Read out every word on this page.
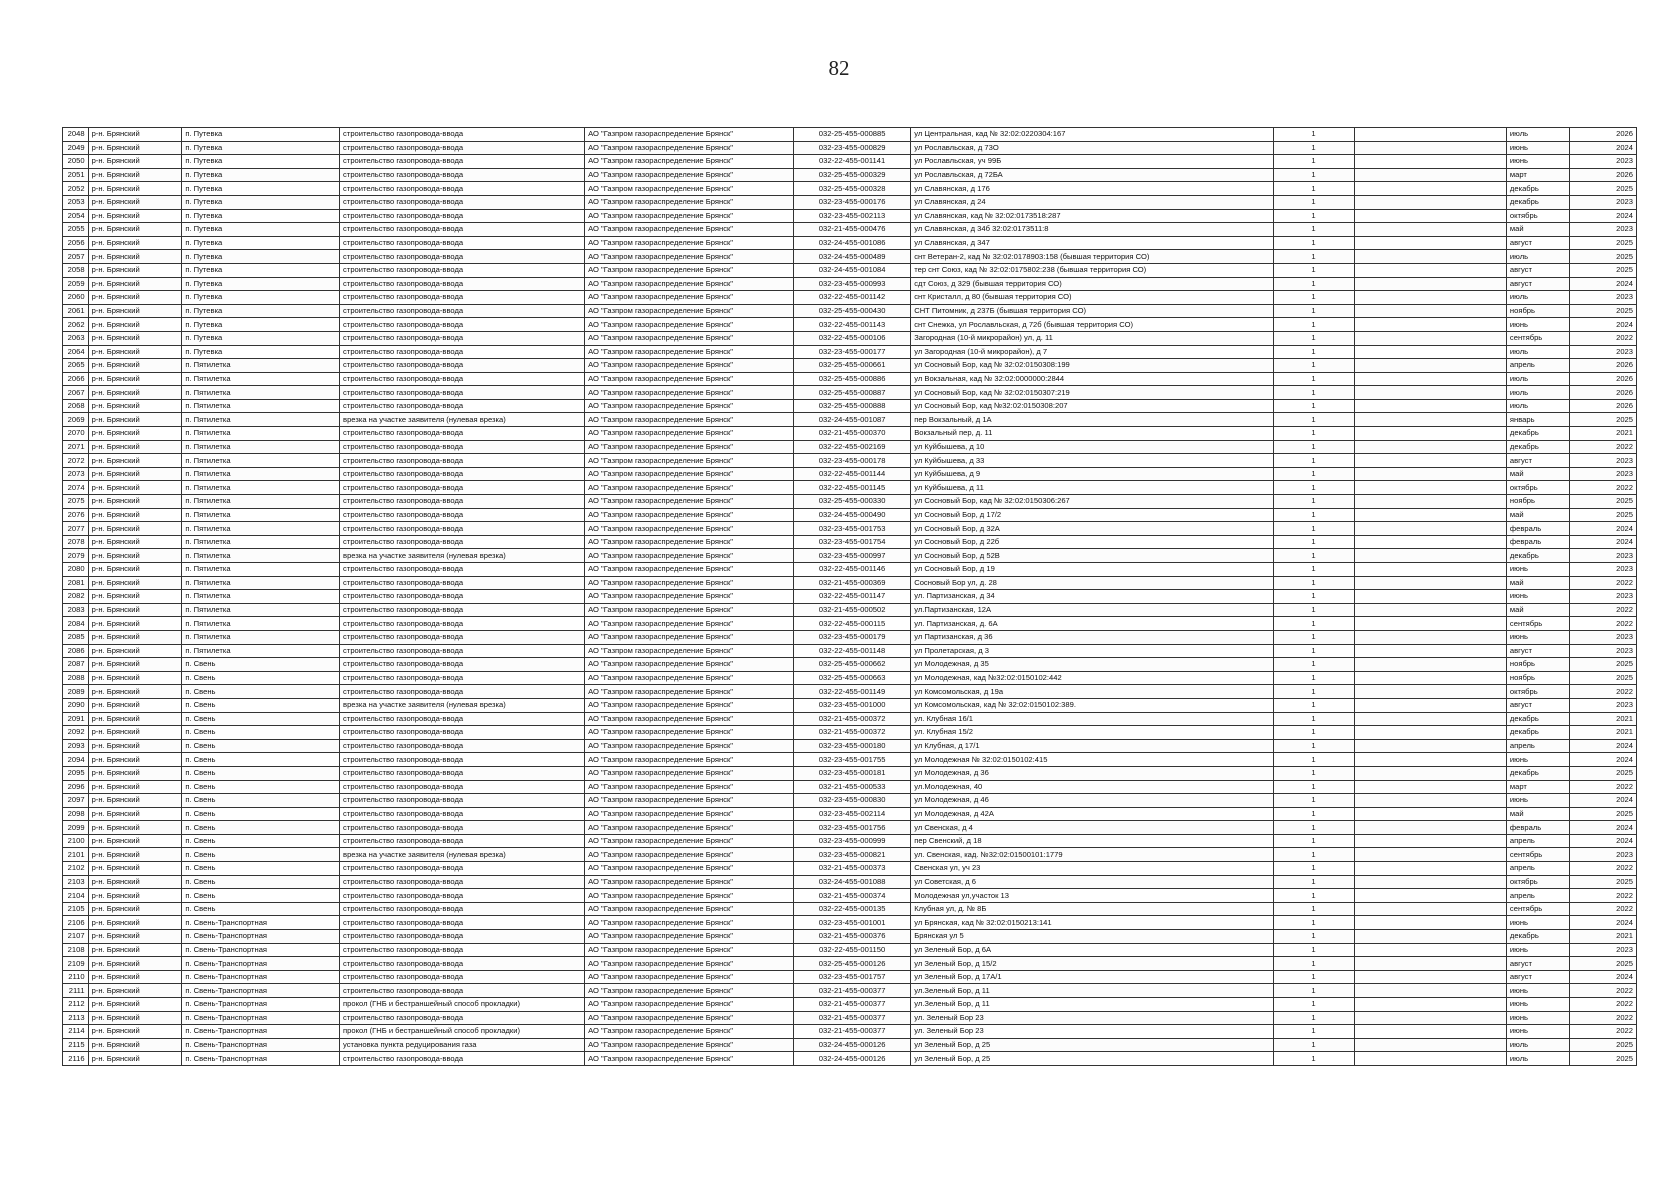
82
2048	р-н. Брянский	п. Путевка	строительство газопровода-ввода	АО "Газпром газораспределение Брянск"	032-25-455-000885	ул Центральная, кад № 32:02:0220304:167	1		июль	2026
2049	р-н. Брянский	п. Путевка	строительство газопровода-ввода	АО "Газпром газораспределение Брянск"	032-23-455-000829	ул Рославльская, д 73О	1		июнь	2024
2050	р-н. Брянский	п. Путевка	строительство газопровода-ввода	АО "Газпром газораспределение Брянск"	032-22-455-001141	ул Рославльская, уч 99Б	1		июнь	2023
2051	р-н. Брянский	п. Путевка	строительство газопровода-ввода	АО "Газпром газораспределение Брянск"	032-25-455-000329	ул Рославльская, д 72БА	1		март	2026
2052	р-н. Брянский	п. Путевка	строительство газопровода-ввода	АО "Газпром газораспределение Брянск"	032-25-455-000328	ул Славянская, д 176	1		декабрь	2025
2053	р-н. Брянский	п. Путевка	строительство газопровода-ввода	АО "Газпром газораспределение Брянск"	032-23-455-000176	ул Славянская, д 24	1		декабрь	2023
2054	р-н. Брянский	п. Путевка	строительство газопровода-ввода	АО "Газпром газораспределение Брянск"	032-23-455-002113	ул Славянская, кад № 32:02:0173518:287	1		октябрь	2024
2055	р-н. Брянский	п. Путевка	строительство газопровода-ввода	АО "Газпром газораспределение Брянск"	032-21-455-000476	ул Славянская, д 34б 32:02:0173511:8	1		май	2023
2056	р-н. Брянский	п. Путевка	строительство газопровода-ввода	АО "Газпром газораспределение Брянск"	032-24-455-001086	ул Славянская, д 347	1		август	2025
2057	р-н. Брянский	п. Путевка	строительство газопровода-ввода	АО "Газпром газораспределение Брянск"	032-24-455-000489	снт Ветеран-2, кад № 32:02:0178903:158 (бывшая территория СО)	1		июль	2025
2058	р-н. Брянский	п. Путевка	строительство газопровода-ввода	АО "Газпром газораспределение Брянск"	032-24-455-001084	тер снт Союз, кад № 32:02:0175802:238 (бывшая территория СО)	1		август	2025
2059	р-н. Брянский	п. Путевка	строительство газопровода-ввода	АО "Газпром газораспределение Брянск"	032-23-455-000993	сдт Союз, д 329 (бывшая территория СО)	1		август	2024
2060	р-н. Брянский	п. Путевка	строительство газопровода-ввода	АО "Газпром газораспределение Брянск"	032-22-455-001142	снт Кристалл, д 80 (бывшая территория СО)	1		июль	2023
2061	р-н. Брянский	п. Путевка	строительство газопровода-ввода	АО "Газпром газораспределение Брянск"	032-25-455-000430	СНТ Питомник, д 237Б (бывшая территория СО)	1		ноябрь	2025
2062	р-н. Брянский	п. Путевка	строительство газопровода-ввода	АО "Газпром газораспределение Брянск"	032-22-455-001143	снт Снежка, ул Рославльская, д 72б (бывшая территория СО)	1		июнь	2024
2063	р-н. Брянский	п. Путевка	строительство газопровода-ввода	АО "Газпром газораспределение Брянск"	032-22-455-000106	Загородная (10-й микрорайон) ул, д. 11	1		сентябрь	2022
2064	р-н. Брянский	п. Путевка	строительство газопровода-ввода	АО "Газпром газораспределение Брянск"	032-23-455-000177	ул Загородная (10-й микрорайон), д 7	1		июль	2023
2065	р-н. Брянский	п. Пятилетка	строительство газопровода-ввода	АО "Газпром газораспределение Брянск"	032-25-455-000661	ул Сосновый Бор, кад № 32:02:0150308:199	1		апрель	2026
2066	р-н. Брянский	п. Пятилетка	строительство газопровода-ввода	АО "Газпром газораспределение Брянск"	032-25-455-000886	ул Вокзальная, кад № 32:02:0000000:2844	1		июль	2026
2067	р-н. Брянский	п. Пятилетка	строительство газопровода-ввода	АО "Газпром газораспределение Брянск"	032-25-455-000887	ул Сосновый Бор, кад № 32:02:0150307:219	1		июль	2026
2068	р-н. Брянский	п. Пятилетка	строительство газопровода-ввода	АО "Газпром газораспределение Брянск"	032-25-455-000888	ул Сосновый Бор, кад №32:02:0150308:207	1		июль	2026
2069	р-н. Брянский	п. Пятилетка	врезка на участке заявителя (нулевая врезка)	АО "Газпром газораспределение Брянск"	032-24-455-001087	пер Вокзальный, д 1А	1		январь	2025
2070	р-н. Брянский	п. Пятилетка	строительство газопровода-ввода	АО "Газпром газораспределение Брянск"	032-21-455-000370	Вокзальный пер, д. 11	1		декабрь	2021
2071	р-н. Брянский	п. Пятилетка	строительство газопровода-ввода	АО "Газпром газораспределение Брянск"	032-22-455-002169	ул Куйбышева, д 10	1		декабрь	2022
2072	р-н. Брянский	п. Пятилетка	строительство газопровода-ввода	АО "Газпром газораспределение Брянск"	032-23-455-000178	ул Куйбышева, д 33	1		август	2023
2073	р-н. Брянский	п. Пятилетка	строительство газопровода-ввода	АО "Газпром газораспределение Брянск"	032-22-455-001144	ул Куйбышева, д 9	1		май	2023
2074	р-н. Брянский	п. Пятилетка	строительство газопровода-ввода	АО "Газпром газораспределение Брянск"	032-22-455-001145	ул Куйбышева, д 11	1		октябрь	2022
2075	р-н. Брянский	п. Пятилетка	строительство газопровода-ввода	АО "Газпром газораспределение Брянск"	032-25-455-000330	ул Сосновый Бор, кад № 32:02:0150306:267	1		ноябрь	2025
2076	р-н. Брянский	п. Пятилетка	строительство газопровода-ввода	АО "Газпром газораспределение Брянск"	032-24-455-000490	ул Сосновый Бор, д 17/2	1		май	2025
2077	р-н. Брянский	п. Пятилетка	строительство газопровода-ввода	АО "Газпром газораспределение Брянск"	032-23-455-001753	ул Сосновый Бор, д 32А	1		февраль	2024
2078	р-н. Брянский	п. Пятилетка	строительство газопровода-ввода	АО "Газпром газораспределение Брянск"	032-23-455-001754	ул Сосновый Бор, д 22б	1		февраль	2024
2079	р-н. Брянский	п. Пятилетка	врезка на участке заявителя (нулевая врезка)	АО "Газпром газораспределение Брянск"	032-23-455-000997	ул Сосновый Бор, д 52В	1		декабрь	2023
2080	р-н. Брянский	п. Пятилетка	строительство газопровода-ввода	АО "Газпром газораспределение Брянск"	032-22-455-001146	ул Сосновый Бор, д 19	1		июнь	2023
2081	р-н. Брянский	п. Пятилетка	строительство газопровода-ввода	АО "Газпром газораспределение Брянск"	032-21-455-000369	Сосновый Бор ул, д. 28	1		май	2022
2082	р-н. Брянский	п. Пятилетка	строительство газопровода-ввода	АО "Газпром газораспределение Брянск"	032-22-455-001147	ул. Партизанская, д 34	1		июнь	2023
2083	р-н. Брянский	п. Пятилетка	строительство газопровода-ввода	АО "Газпром газораспределение Брянск"	032-21-455-000502	ул.Партизанская, 12А	1		май	2022
2084	р-н. Брянский	п. Пятилетка	строительство газопровода-ввода	АО "Газпром газораспределение Брянск"	032-22-455-000115	ул. Партизанская, д. 6А	1		сентябрь	2022
2085	р-н. Брянский	п. Пятилетка	строительство газопровода-ввода	АО "Газпром газораспределение Брянск"	032-23-455-000179	ул Партизанская, д 36	1		июнь	2023
2086	р-н. Брянский	п. Пятилетка	строительство газопровода-ввода	АО "Газпром газораспределение Брянск"	032-22-455-001148	ул Пролетарская, д 3	1		август	2023
2087	р-н. Брянский	п. Свень	строительство газопровода-ввода	АО "Газпром газораспределение Брянск"	032-25-455-000662	ул Молодежная, д 35	1		ноябрь	2025
2088	р-н. Брянский	п. Свень	строительство газопровода-ввода	АО "Газпром газораспределение Брянск"	032-25-455-000663	ул Молодежная, кад №32:02:0150102:442	1		ноябрь	2025
2089	р-н. Брянский	п. Свень	строительство газопровода-ввода	АО "Газпром газораспределение Брянск"	032-22-455-001149	ул Комсомольская, д 19а	1		октябрь	2022
2090	р-н. Брянский	п. Свень	врезка на участке заявителя (нулевая врезка)	АО "Газпром газораспределение Брянск"	032-23-455-001000	ул Комсомольская, кад № 32:02:0150102:389.	1		август	2023
2091	р-н. Брянский	п. Свень	строительство газопровода-ввода	АО "Газпром газораспределение Брянск"	032-21-455-000372	ул. Клубная 16/1	1		декабрь	2021
2092	р-н. Брянский	п. Свень	строительство газопровода-ввода	АО "Газпром газораспределение Брянск"	032-21-455-000372	ул. Клубная 15/2	1		декабрь	2021
2093	р-н. Брянский	п. Свень	строительство газопровода-ввода	АО "Газпром газораспределение Брянск"	032-23-455-000180	ул Клубная, д 17/1	1		апрель	2024
2094	р-н. Брянский	п. Свень	строительство газопровода-ввода	АО "Газпром газораспределение Брянск"	032-23-455-001755	ул Молодежная № 32:02:0150102:415	1		июнь	2024
2095	р-н. Брянский	п. Свень	строительство газопровода-ввода	АО "Газпром газораспределение Брянск"	032-23-455-000181	ул Молодежная, д 36	1		декабрь	2025
2096	р-н. Брянский	п. Свень	строительство газопровода-ввода	АО "Газпром газораспределение Брянск"	032-21-455-000533	ул.Молодежная, 40	1		март	2022
2097	р-н. Брянский	п. Свень	строительство газопровода-ввода	АО "Газпром газораспределение Брянск"	032-23-455-000830	ул Молодежная, д 46	1		июнь	2024
2098	р-н. Брянский	п. Свень	строительство газопровода-ввода	АО "Газпром газораспределение Брянск"	032-23-455-002114	ул Молодежная, д 42А	1		май	2025
2099	р-н. Брянский	п. Свень	строительство газопровода-ввода	АО "Газпром газораспределение Брянск"	032-23-455-001756	ул Свенская, д 4	1		февраль	2024
2100	р-н. Брянский	п. Свень	строительство газопровода-ввода	АО "Газпром газораспределение Брянск"	032-23-455-000999	пер Свенский, д 18	1		апрель	2024
2101	р-н. Брянский	п. Свень	врезка на участке заявителя (нулевая врезка)	АО "Газпром газораспределение Брянск"	032-23-455-000821	ул. Свенская, кад. №32:02:01500101:1779	1		сентябрь	2023
2102	р-н. Брянский	п. Свень	строительство газопровода-ввода	АО "Газпром газораспределение Брянск"	032-21-455-000373	Свенская ул, уч 23	1		апрель	2022
2103	р-н. Брянский	п. Свень	строительство газопровода-ввода	АО "Газпром газораспределение Брянск"	032-24-455-001088	ул Советская, д 6	1		октябрь	2025
2104	р-н. Брянский	п. Свень	строительство газопровода-ввода	АО "Газпром газораспределение Брянск"	032-21-455-000374	Молодежная ул,участок 13	1		апрель	2022
2105	р-н. Брянский	п. Свень	строительство газопровода-ввода	АО "Газпром газораспределение Брянск"	032-22-455-000135	Клубная ул, д. № 8Б	1		сентябрь	2022
2106	р-н. Брянский	п. Свень-Транспортная	строительство газопровода-ввода	АО "Газпром газораспределение Брянск"	032-23-455-001001	ул Брянская, кад № 32:02:0150213:141	1		июнь	2024
2107	р-н. Брянский	п. Свень-Транспортная	строительство газопровода-ввода	АО "Газпром газораспределение Брянск"	032-21-455-000376	Брянская ул 5	1		декабрь	2021
2108	р-н. Брянский	п. Свень-Транспортная	строительство газопровода-ввода	АО "Газпром газораспределение Брянск"	032-22-455-001150	ул Зеленый Бор, д 6А	1		июнь	2023
2109	р-н. Брянский	п. Свень-Транспортная	строительство газопровода-ввода	АО "Газпром газораспределение Брянск"	032-25-455-000126	ул Зеленый Бор, д 15/2	1		август	2025
2110	р-н. Брянский	п. Свень-Транспортная	строительство газопровода-ввода	АО "Газпром газораспределение Брянск"	032-23-455-001757	ул Зеленый Бор, д 17А/1	1		август	2024
2111	р-н. Брянский	п. Свень-Транспортная	строительство газопровода-ввода	АО "Газпром газораспределение Брянск"	032-21-455-000377	ул.Зеленый Бор, д 11	1		июнь	2022
2112	р-н. Брянский	п. Свень-Транспортная	прокол (ГНБ и бестраншейный способ прокладки)	АО "Газпром газораспределение Брянск"	032-21-455-000377	ул.Зеленый Бор, д 11	1		июнь	2022
2113	р-н. Брянский	п. Свень-Транспортная	строительство газопровода-ввода	АО "Газпром газораспределение Брянск"	032-21-455-000377	ул. Зеленый Бор 23	1		июнь	2022
2114	р-н. Брянский	п. Свень-Транспортная	прокол (ГНБ и бестраншейный способ прокладки)	АО "Газпром газораспределение Брянск"	032-21-455-000377	ул. Зеленый Бор 23	1		июнь	2022
2115	р-н. Брянский	п. Свень-Транспортная	установка пункта редуцирования газа	АО "Газпром газораспределение Брянск"	032-24-455-000126	ул Зеленый Бор, д 25	1		июль	2025
2116	р-н. Брянский	п. Свень-Транспортная	строительство газопровода-ввода	АО "Газпром газораспределение Брянск"	032-24-455-000126	ул Зеленый Бор, д 25	1		июль	2025
